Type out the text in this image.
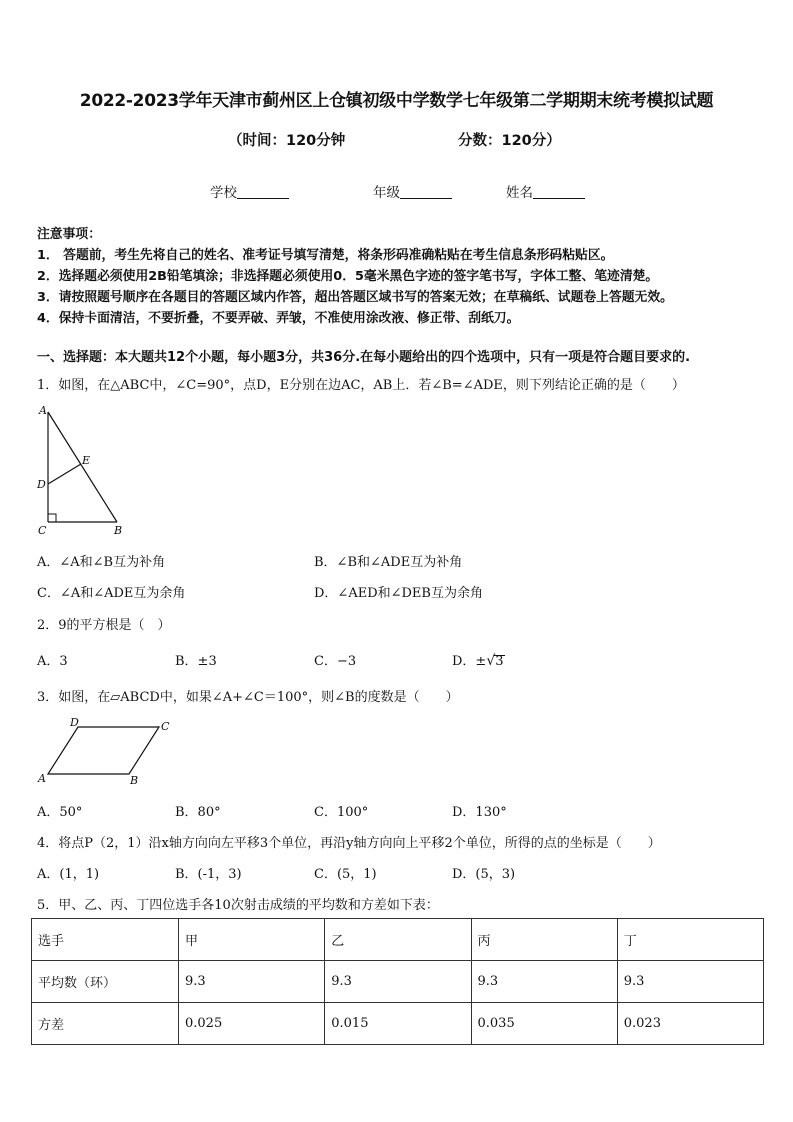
2022-2023学年天津市蓟州区上仓镇初级中学数学七年级第二学期期末统考模拟试题
（时间：120分钟	分数：120分）
学校	年级	姓名
注意事项：
1． 答题前，考生先将自己的姓名、准考证号填写清楚，将条形码准确粘贴在考生信息条形码粘贴区。
2．选择题必须使用2B铅笔填涂；非选择题必须使用0．5毫米黑色字迹的签字笔书写，字体工整、笔迹清楚。
3．请按照题号顺序在各题目的答题区域内作答，超出答题区域书写的答案无效；在草稿纸、试题卷上答题无效。
4．保持卡面清洁，不要折叠，不要弄破、弄皱，不准使用涂改液、修正带、刮纸刀。
一、选择题：本大题共12个小题，每小题3分，共36分.在每小题给出的四个选项中，只有一项是符合题目要求的.
1．如图，在△ABC中，∠C=90°，点D，E分别在边AC，AB上．若∠B=∠ADE，则下列结论正确的是（　　）
A
D
E
C	B
A．∠A和∠B互为补角	B．∠B和∠ADE互为补角
C．∠A和∠ADE互为余角	D．∠AED和∠DEB互为余角
2．9的平方根是（　）
A．3	B．±3	C．−3	D．±√3
3．如图，在▱ABCD中，如果∠A+∠C＝100°，则∠B的度数是（　　）
A	B
C
D
A．50°	B．80°	C．100°	D．130°
4．将点P（2，1）沿x轴方向向左平移3个单位，再沿y轴方向向上平移2个单位，所得的点的坐标是（　　）
A．(1，1)	B．(-1，3)	C．(5，1)	D．(5，3)
5．甲、乙、丙、丁四位选手各10次射击成绩的平均数和方差如下表：
选手	甲	乙	丙	丁
平均数（环）	9.3	9.3	9.3	9.3
方差	0.025	0.015	0.035	0.023
